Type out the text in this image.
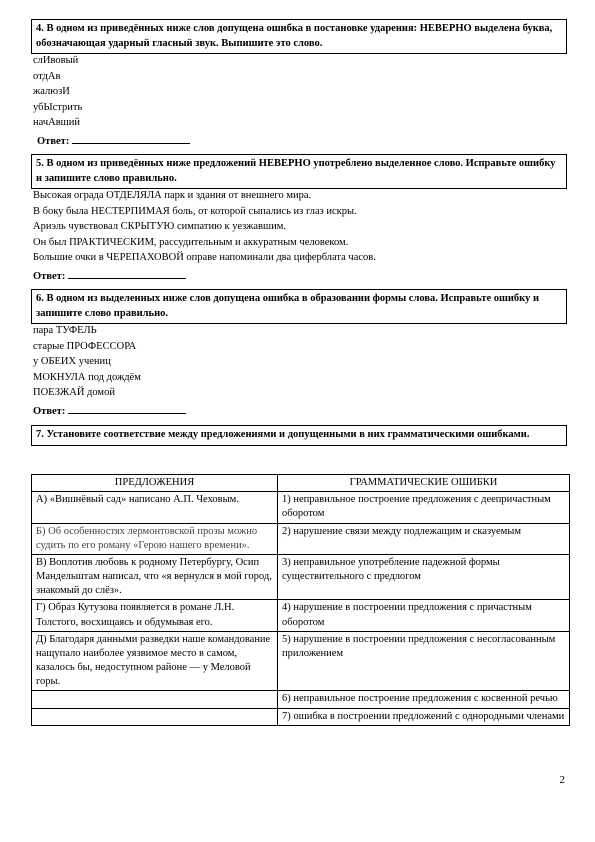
4. В одном из приведённых ниже слов допущена ошибка в постановке ударения: НЕВЕРНО выделена буква, обозначающая ударный гласный звук. Выпишите это слово.
слИвовый
отдАв
жалюзИ
убЫстрить
начАвший
Ответ:
5. В одном из приведённых ниже предложений НЕВЕРНО употреблено выделенное слово. Исправьте ошибку и запишите слово правильно.
Высокая ограда ОТДЕЛЯЛА парк и здания от внешнего мира.
В боку была НЕСТЕРПИМАЯ боль, от которой сыпались из глаз искры.
Ариэль чувствовал СКРЫТУЮ симпатию к уезжавшим.
Он был ПРАКТИЧЕСКИМ, рассудительным и аккуратным человеком.
Большие очки в ЧЕРЕПАХОВОЙ оправе напоминали два циферблата часов.
Ответ:
6. В одном из выделенных ниже слов допущена ошибка в образовании формы слова. Исправьте ошибку и запишите слово правильно.
пара ТУФЕЛЬ
старые ПРОФЕССОРА
у ОБЕИХ учениц
МОКНУЛА под дождём
ПОЕЗЖАЙ домой
Ответ:
7. Установите соответствие между предложениями и допущенными в них грамматическими ошибками.
ПРЕДЛОЖЕНИЯ	ГРАММАТИЧЕСКИЕ ОШИБКИ
А) «Вишнёвый сад» написано А.П. Чеховым.	1) неправильное построение предложения с деепричастным оборотом
Б) Об особенностях лермонтовской прозы можно судить по его роману «Герою нашего времени».	2) нарушение связи между подлежащим и сказуемым
В) Воплотив любовь к родному Петербургу, Осип Мандельштам написал, что «я вернулся в мой город, знакомый до слёз».	3) неправильное употребление падежной формы существительного с предлогом
Г) Образ Кутузова появляется в романе Л.Н. Толстого, восхищаясь и обдумывая его.	4) нарушение в построении предложения с причастным оборотом
Д) Благодаря данными разведки наше командование нащупало наиболее уязвимое место в самом, казалось бы, недоступном районе — у Меловой горы.	5) нарушение в построении предложения с несогласованным приложением
	6) неправильное построение предложения с косвенной речью
	7) ошибка в построении предложений с однородными членами
2
